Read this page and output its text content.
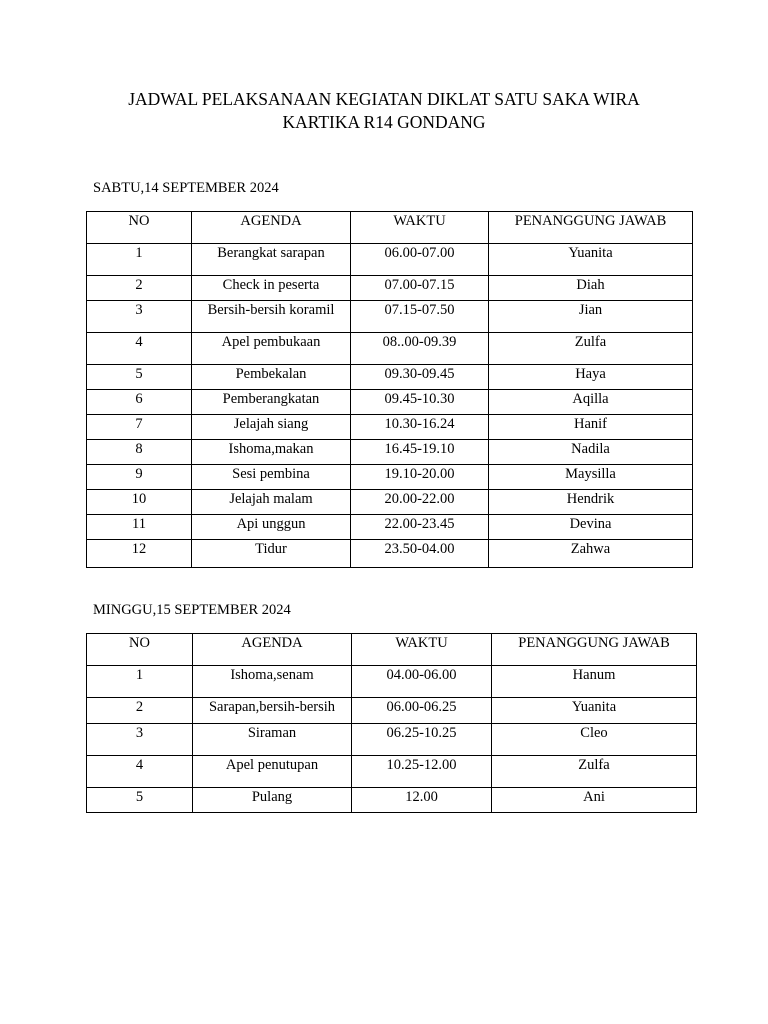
JADWAL PELAKSANAAN KEGIATAN DIKLAT SATU SAKA WIRA
KARTIKA R14 GONDANG
SABTU,14 SEPTEMBER 2024
NO	AGENDA	WAKTU	PENANGGUNG JAWAB

1	Berangkat sarapan	06.00-07.00	Yuanita

2	Check in peserta	07.00-07.15	Diah

3	Bersih-bersih koramil	07.15-07.50	Jian

4	Apel pembukaan	08..00-09.39	Zulfa

5	Pembekalan	09.30-09.45	Haya

6	Pemberangkatan	09.45-10.30	Aqilla

7	Jelajah siang	10.30-16.24	Hanif

8	Ishoma,makan	16.45-19.10	Nadila

9	Sesi pembina	19.10-20.00	Maysilla

10	Jelajah malam	20.00-22.00	Hendrik

11	Api unggun	22.00-23.45	Devina

12	Tidur	23.50-04.00	Zahwa
MINGGU,15 SEPTEMBER 2024
NO	AGENDA	WAKTU	PENANGGUNG JAWAB

1	Ishoma,senam	04.00-06.00	Hanum

2	Sarapan,bersih-bersih	06.00-06.25	Yuanita

3	Siraman	06.25-10.25	Cleo

4	Apel penutupan	10.25-12.00	Zulfa

5	Pulang	12.00	Ani
